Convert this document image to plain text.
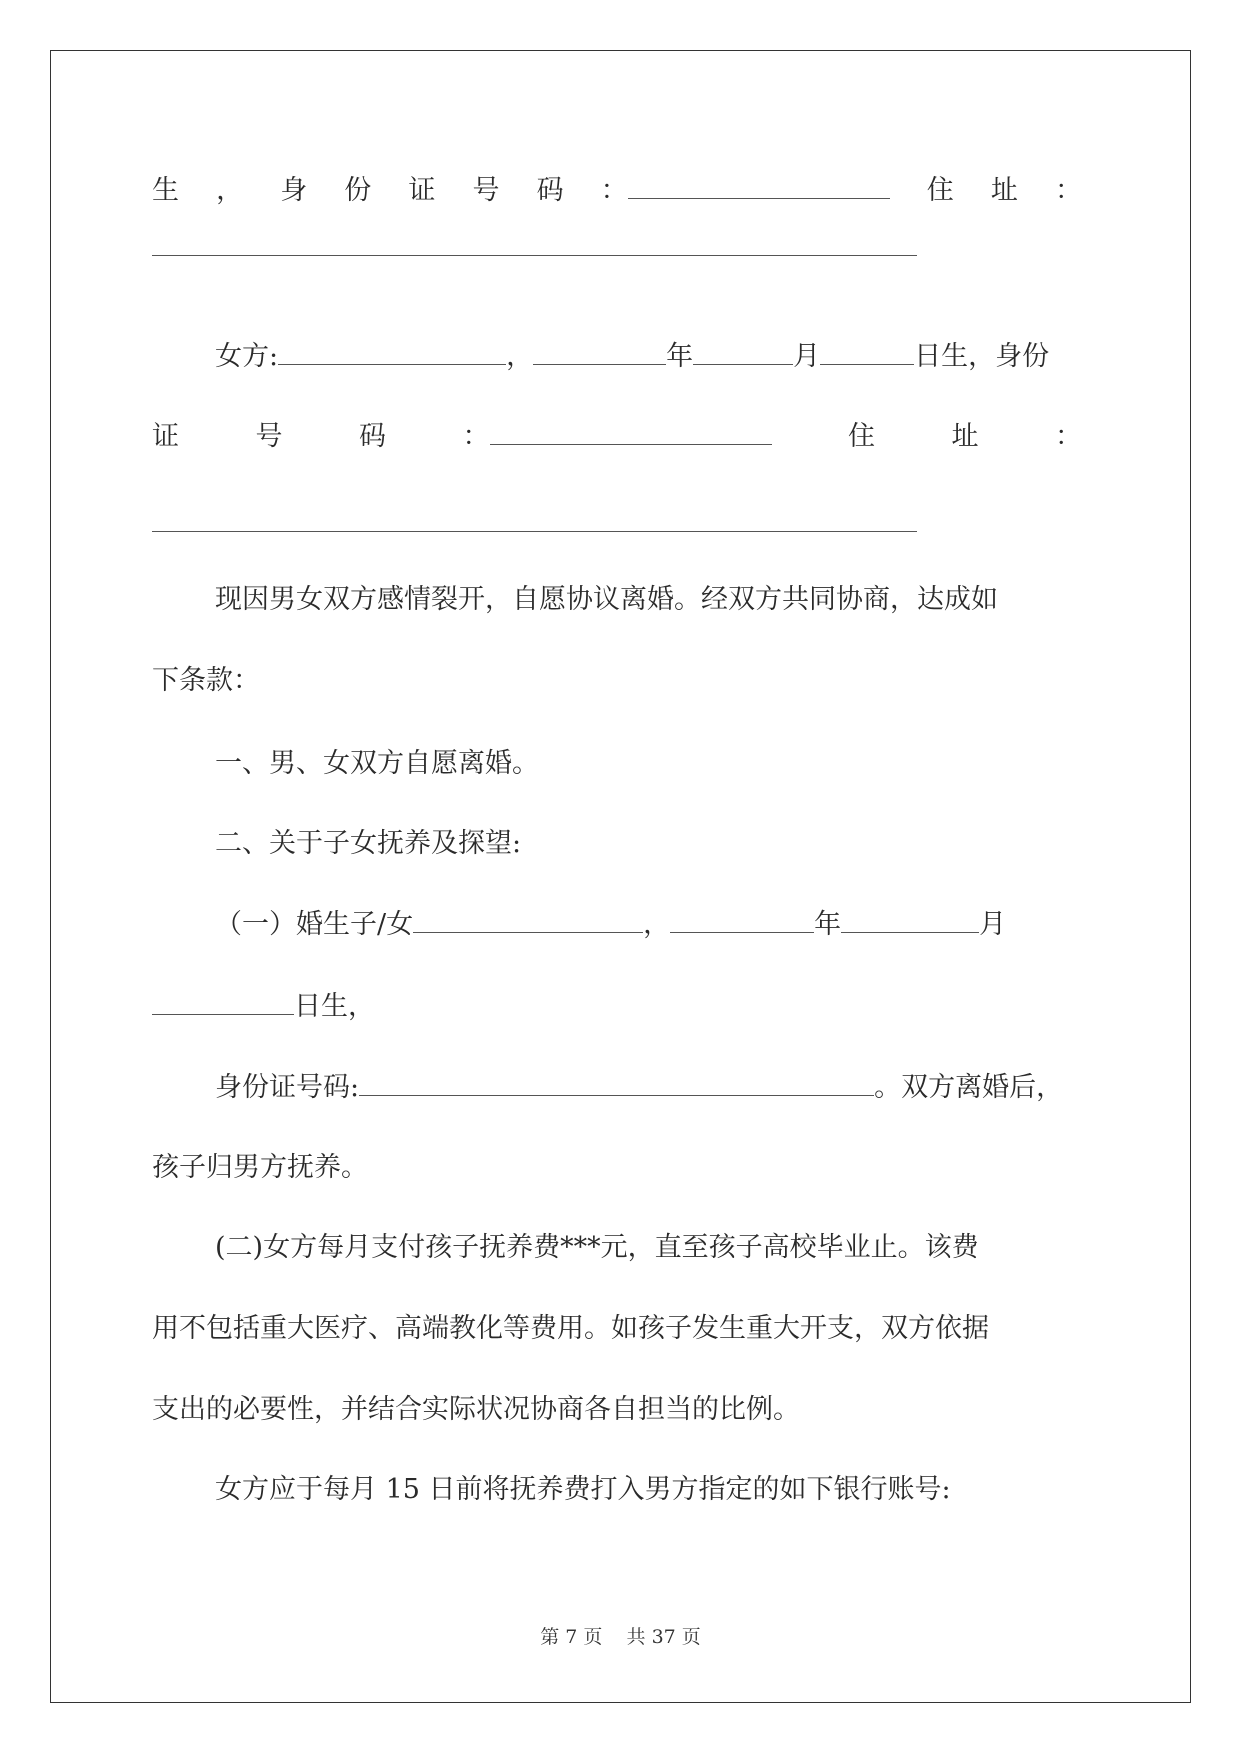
生 ， 身 份 证 号 码 ：	住 址 ：
女方:	，	年	月	日生，身份
证	号	码	：	住	址	：
现因男女双方感情裂开，自愿协议离婚。经双方共同协商，达成如
下条款：
一、男、女双方自愿离婚。
二、关于子女抚养及探望:
（一）婚生子/女	，	年	月
日生，
身份证号码:	。双方离婚后，
孩子归男方抚养。
(二)女方每月支付孩子抚养费***元，直至孩子高校毕业止。该费
用不包括重大医疗、高端教化等费用。如孩子发生重大开支，双方依据
支出的必要性，并结合实际状况协商各自担当的比例。
女方应于每月 15 日前将抚养费打入男方指定的如下银行账号:
第 7 页 共 37 页
